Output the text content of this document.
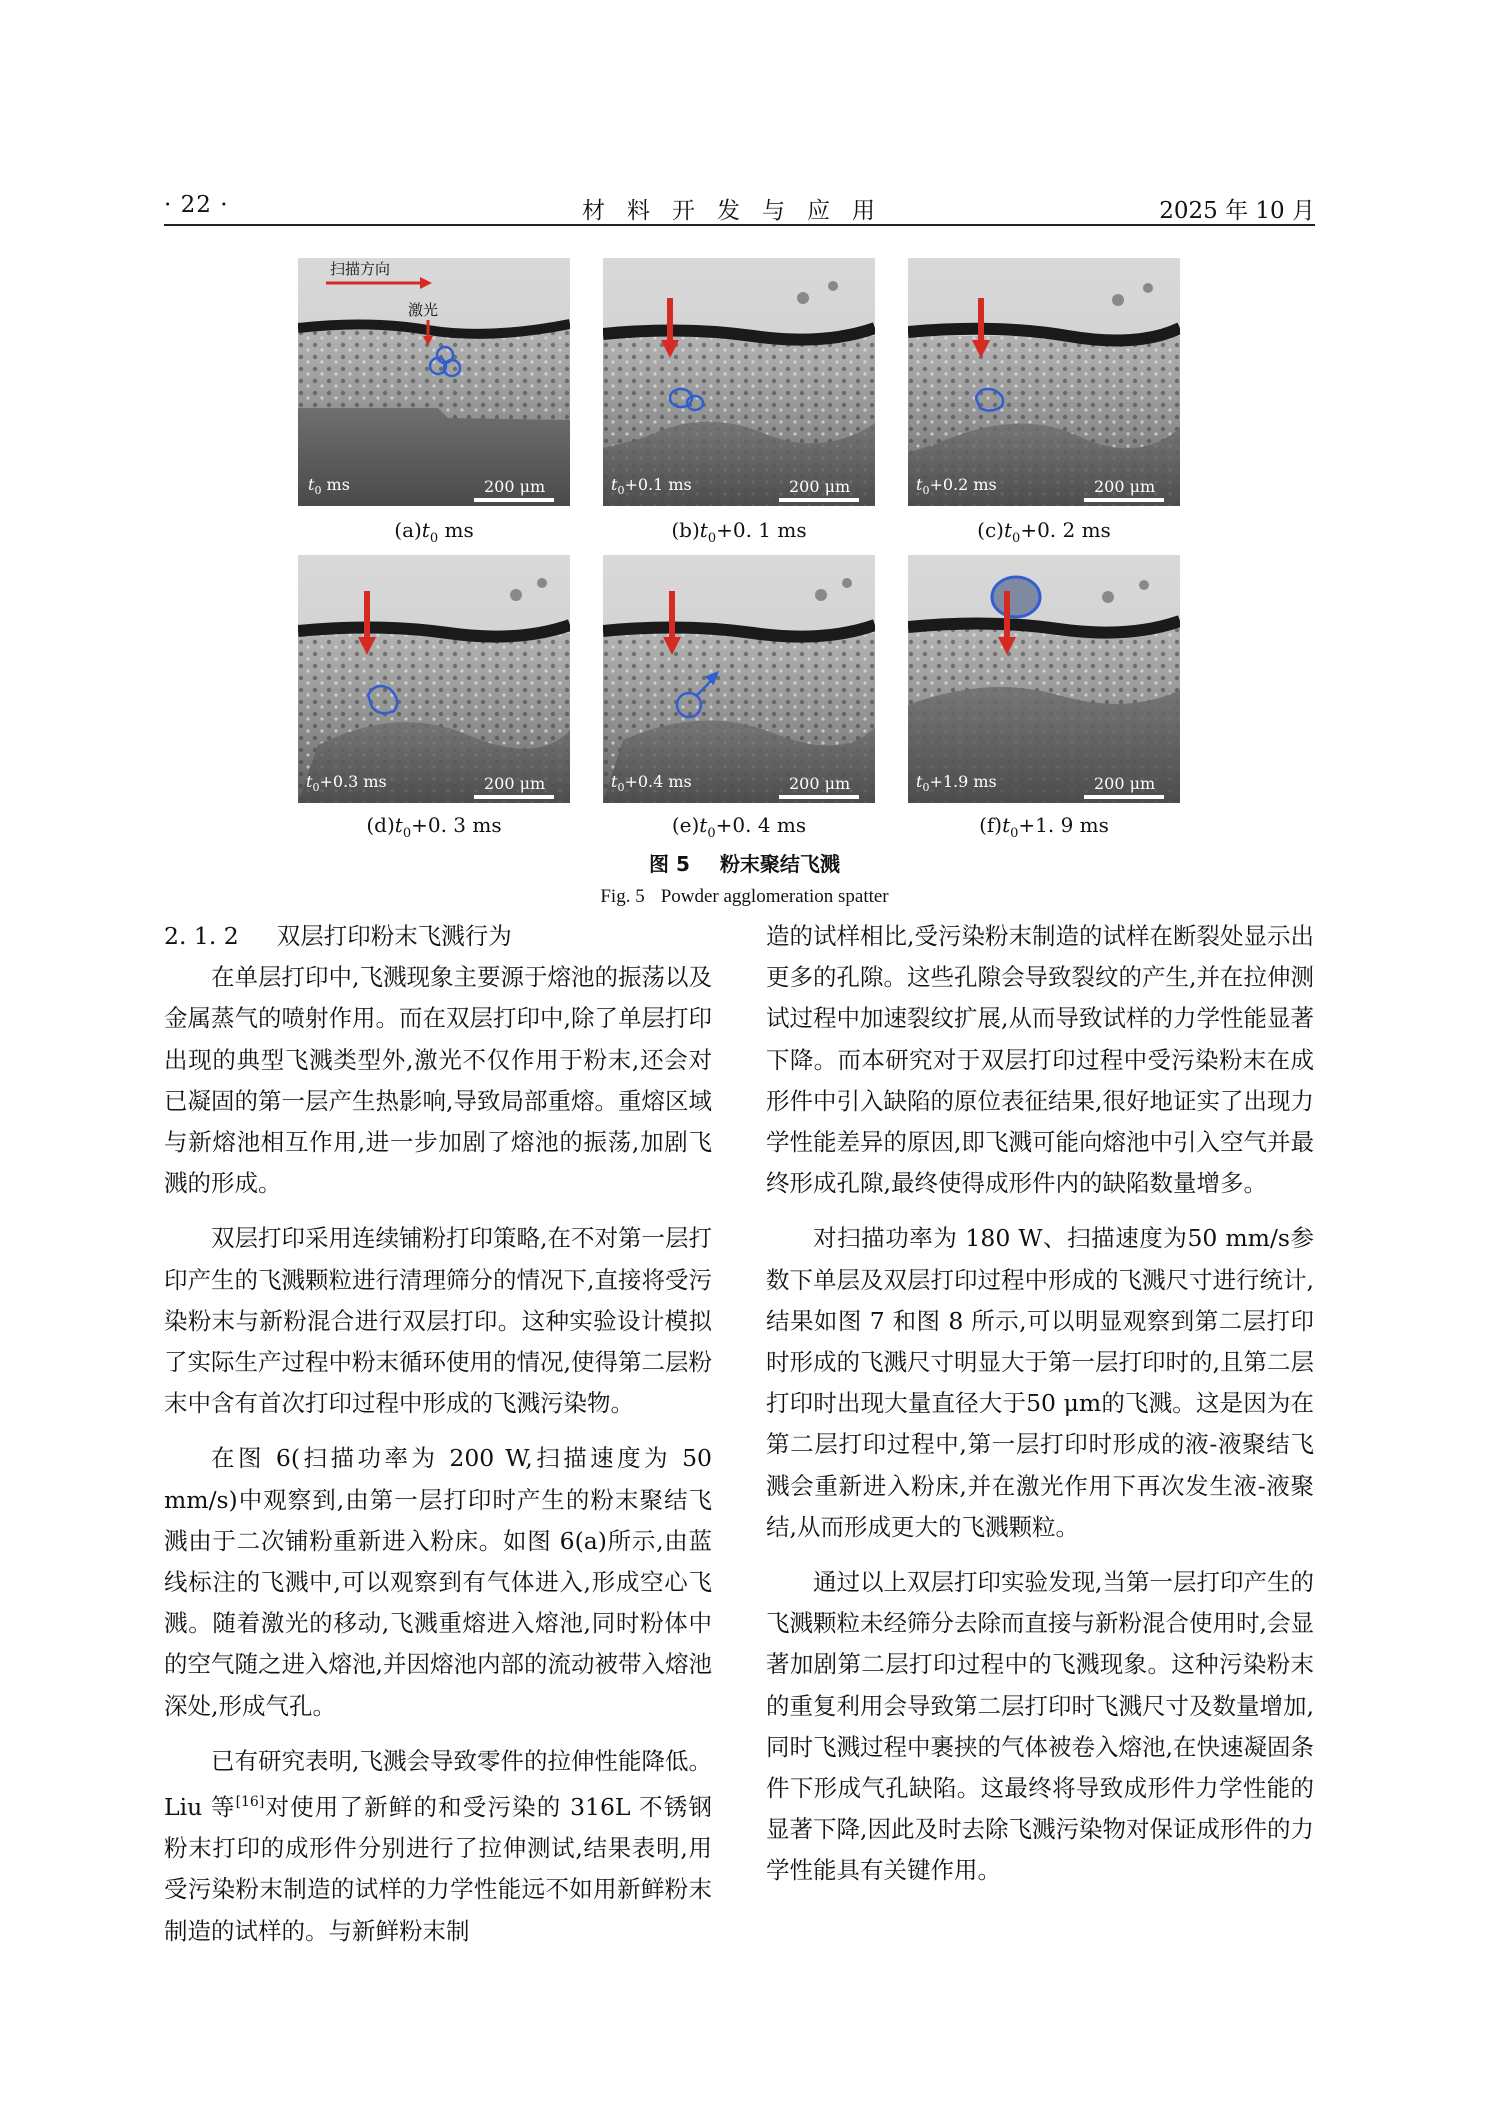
· 22 ·	材料开发与应用	2025 年 10 月
扫描方向
激光
$t_0$ ms	200 μm
$(a)t_0$ ms
$t_0+0.1$ ms	200 μm
$(b)t_0+0$. 1 ms
$t_0+0.2$ ms	200 μm
$(c)t_0+0$. 2 ms
$t_0+0.3$ ms	200 μm
$(d)t_0+0$. 3 ms
$t_0+0.4$ ms	200 μm
$(e)t_0+0$. 4 ms
$t_0+1.9$ ms	200 μm
$(f)t_0+1$. 9 ms
图 5 粉末聚结飞溅
Fig. 5 Powder agglomeration spatter
2. 1. 2 双层打印粉末飞溅行为

在单层打印中,飞溅现象主要源于熔池的振荡以及金属蒸气的喷射作用。而在双层打印中,除了单层打印出现的典型飞溅类型外,激光不仅作用于粉末,还会对已凝固的第一层产生热影响,导致局部重熔。重熔区域与新熔池相互作用,进一步加剧了熔池的振荡,加剧飞溅的形成。

双层打印采用连续铺粉打印策略,在不对第一层打印产生的飞溅颗粒进行清理筛分的情况下,直接将受污染粉末与新粉混合进行双层打印。这种实验设计模拟了实际生产过程中粉末循环使用的情况,使得第二层粉末中含有首次打印过程中形成的飞溅污染物。

在图 6(扫描功率为 200 W,扫描速度为 50 mm/s)中观察到,由第一层打印时产生的粉末聚结飞溅由于二次铺粉重新进入粉床。如图 6(a)所示,由蓝线标注的飞溅中,可以观察到有气体进入,形成空心飞溅。随着激光的移动,飞溅重熔进入熔池,同时粉体中的空气随之进入熔池,并因熔池内部的流动被带入熔池深处,形成气孔。

已有研究表明,飞溅会导致零件的拉伸性能降低。Liu 等[16]对使用了新鲜的和受污染的 316L 不锈钢粉末打印的成形件分别进行了拉伸测试,结果表明,用受污染粉末制造的试样的力学性能远不如用新鲜粉末制造的试样的。与新鲜粉末制

造的试样相比,受污染粉末制造的试样在断裂处显示出更多的孔隙。这些孔隙会导致裂纹的产生,并在拉伸测试过程中加速裂纹扩展,从而导致试样的力学性能显著下降。而本研究对于双层打印过程中受污染粉末在成形件中引入缺陷的原位表征结果,很好地证实了出现力学性能差异的原因,即飞溅可能向熔池中引入空气并最终形成孔隙,最终使得成形件内的缺陷数量增多。

对扫描功率为 180 W、扫描速度为50 mm/s参数下单层及双层打印过程中形成的飞溅尺寸进行统计,结果如图 7 和图 8 所示,可以明显观察到第二层打印时形成的飞溅尺寸明显大于第一层打印时的,且第二层打印时出现大量直径大于50 μm的飞溅。这是因为在第二层打印过程中,第一层打印时形成的液-液聚结飞溅会重新进入粉床,并在激光作用下再次发生液-液聚结,从而形成更大的飞溅颗粒。

通过以上双层打印实验发现,当第一层打印产生的飞溅颗粒未经筛分去除而直接与新粉混合使用时,会显著加剧第二层打印过程中的飞溅现象。这种污染粉末的重复利用会导致第二层打印时飞溅尺寸及数量增加,同时飞溅过程中裹挟的气体被卷入熔池,在快速凝固条件下形成气孔缺陷。这最终将导致成形件力学性能的显著下降,因此及时去除飞溅污染物对保证成形件的力学性能具有关键作用。
